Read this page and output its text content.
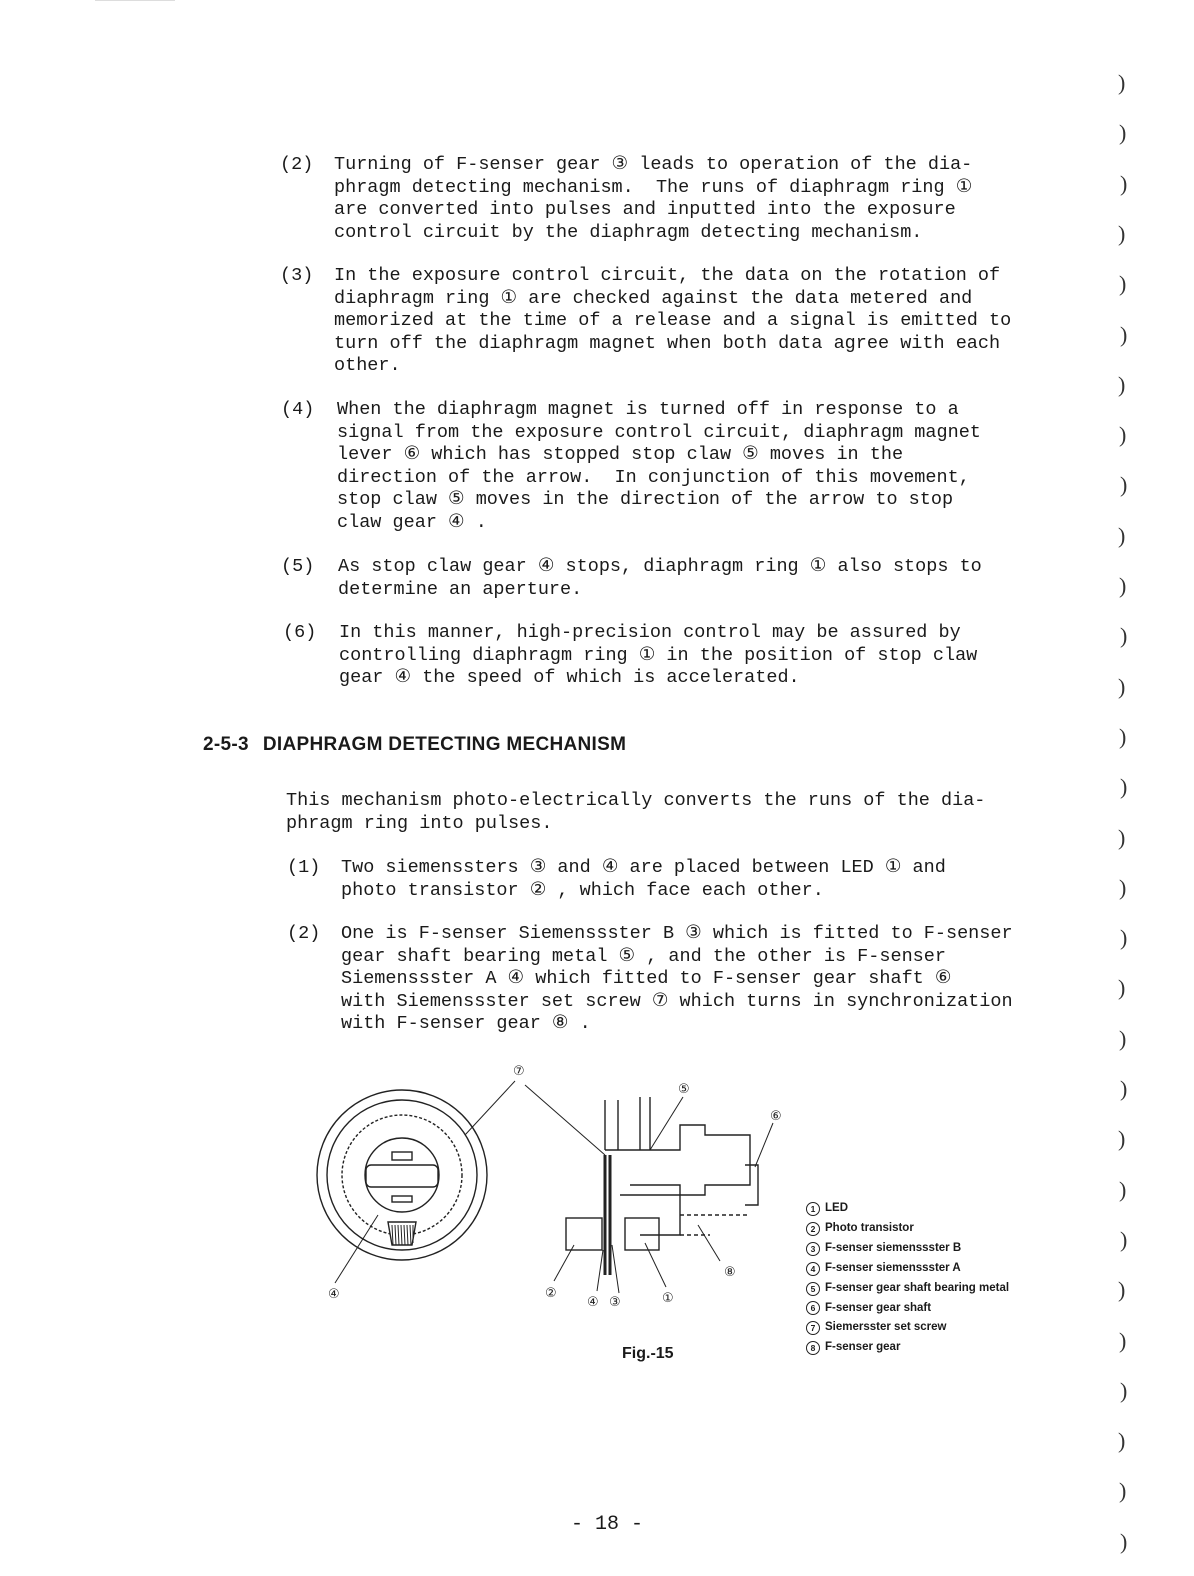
(2) Turning of F-senser gear ③ leads to operation of the dia-
phragm detecting mechanism.  The runs of diaphragm ring ①
are converted into pulses and inputted into the exposure
control circuit by the diaphragm detecting mechanism.
(3) In the exposure control circuit, the data on the rotation of
diaphragm ring ① are checked against the data metered and
memorized at the time of a release and a signal is emitted to
turn off the diaphragm magnet when both data agree with each
other.
(4) When the diaphragm magnet is turned off in response to a
signal from the exposure control circuit, diaphragm magnet
lever ⑥ which has stopped stop claw ⑤ moves in the
direction of the arrow.  In conjunction of this movement,
stop claw ⑤ moves in the direction of the arrow to stop
claw gear ④ .
(5) As stop claw gear ④ stops, diaphragm ring ① also stops to
determine an aperture.
(6) In this manner, high-precision control may be assured by
controlling diaphragm ring ① in the position of stop claw
gear ④ the speed of which is accelerated.
2-5-3 DIAPHRAGM DETECTING MECHANISM
This mechanism photo-electrically converts the runs of the dia-
phragm ring into pulses.
(1) Two siemenssters ③ and ④ are placed between LED ① and
photo transistor ② , which face each other.
(2) One is F-senser Siemenssster B ③ which is fitted to F-senser
gear shaft bearing metal ⑤ , and the other is F-senser
Siemenssster A ④ which fitted to F-senser gear shaft ⑥
with Siemenssster set screw ⑦ which turns in synchronization
with F-senser gear ⑧ .
⑦
⑤
⑥
⑧
④	②
④ ③	①
1 LED
2 Photo transistor
3 F-senser siemenssster B
4 F-senser siemenssster A
5 F-senser gear shaft bearing metal
6 F-senser gear shaft
7 Siemersster set screw
8 F-senser gear
Fig.-15
- 18 -
)
)
)
)
)
)
)
)
)
)
)
)
)
)
)
)
)
)
)
)
)
)
)
)
)
)
)
)
)
)
